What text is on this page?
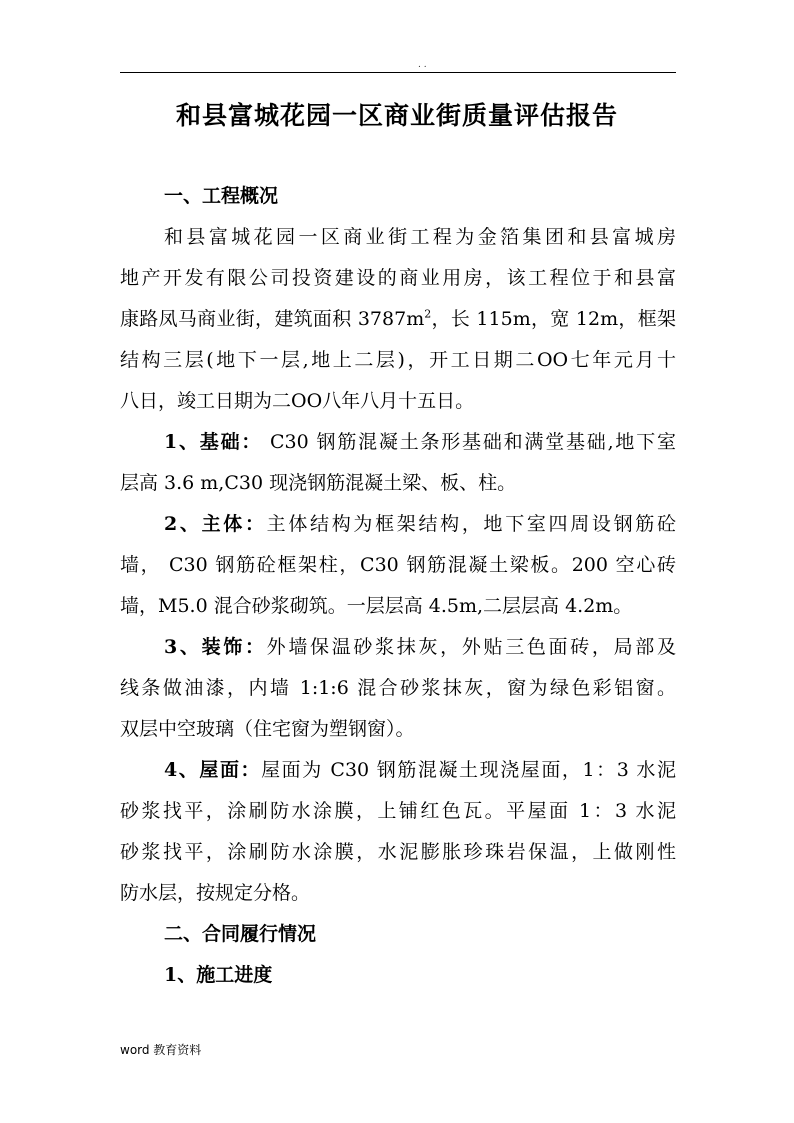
. .
和县富城花园一区商业街质量评估报告
一、工程概况
和县富城花园一区商业街工程为金箔集团和县富城房
地产开发有限公司投资建设的商业用房，该工程位于和县富
康路凤马商业街，建筑面积 $3787m^2$，长 115m，宽 12m，框架
结构三层(地下一层,地上二层)，开工日期二OO七年元月十
八日，竣工日期为二OO八年八月十五日。
1、基础： C30 钢筋混凝土条形基础和满堂基础,地下室
层高 3.6 m,C30 现浇钢筋混凝土梁、板、柱。
2、主体：主体结构为框架结构，地下室四周设钢筋砼
墙， C30 钢筋砼框架柱，C30 钢筋混凝土梁板。200 空心砖
墙，M5.0 混合砂浆砌筑。一层层高 4.5m,二层层高 4.2m。
3、装饰：外墙保温砂浆抹灰，外贴三色面砖，局部及
线条做油漆，内墙 1:1:6 混合砂浆抹灰，窗为绿色彩铝窗。
双层中空玻璃（住宅窗为塑钢窗）。
4、屋面：屋面为 C30 钢筋混凝土现浇屋面，1：3 水泥
砂浆找平，涂刷防水涂膜，上铺红色瓦。平屋面 1：3 水泥
砂浆找平，涂刷防水涂膜，水泥膨胀珍珠岩保温，上做刚性
防水层，按规定分格。
二、合同履行情况
1、施工进度
word 教育资料
